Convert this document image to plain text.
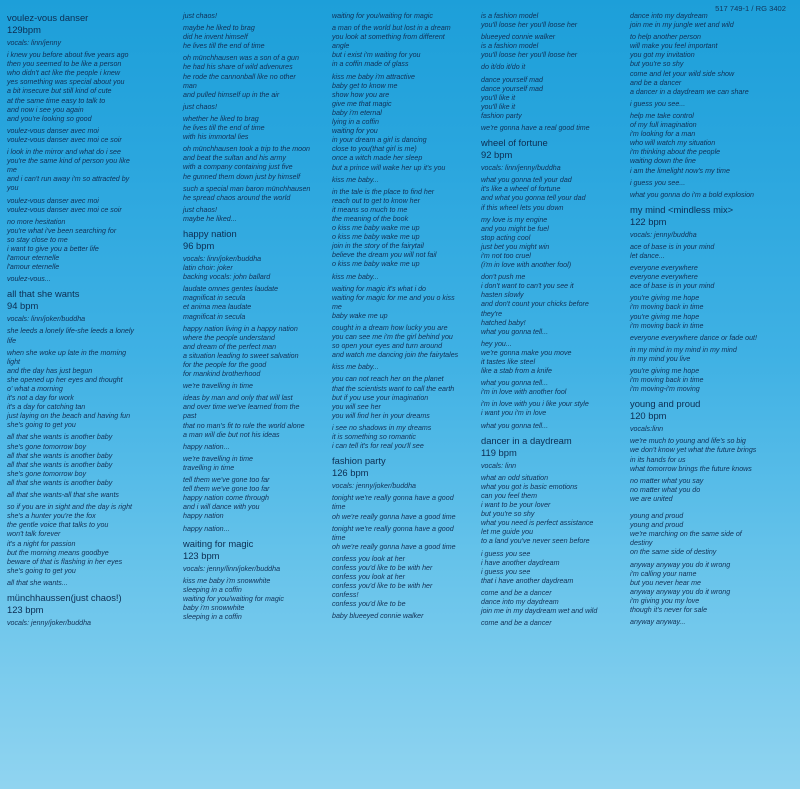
517 749-1 / RG 3402
voulez-vous danser
129bpm
vocals: linn/jenny
i knew you before about five years ago
then you seemed to be like a person
who didn't act like the people i knew
yes something was special about you
a bit insecure but still kind of cute
at the same time easy to talk to
and now i see you again
and you're looking so good
voulez-vous danser avec moi
voulez-vous danser avec moi ce soir
i look in the mirror and what do i see
you're the same kind of person you like
me
and i can't run away i'm so attracted by
you
voulez-vous danser avec moi
voulez-vous danser avec moi ce soir
no more hesitation
you're what i've been searching for
so stay close to me
i want to give you a better life
l'amour eternelle
l'amour eternelle
voulez-vous...
all that she wants
94 bpm
vocals: linn/joker/buddha
she leeds a lonely life-she leeds a lonely
life
when she woke up late in the morning
light
and the day has just begun
she opened up her eyes and thought
o' what a morning
it's not a day for work
it's a day for catching tan
just laying on the beach and having fun
she's going to get you
all that she wants is another baby
she's gone tomorrow boy
all that she wants is another baby
all that she wants is another baby
she's gone tomorrow boy
all that she wants is another baby
all that she wants-all that she wants
so if you are in sight and the day is right
she's a hunter you're the fox
the gentle voice that talks to you
won't talk forever
it's a night for passion
but the morning means goodbye
beware of that is flashing in her eyes
she's going to get you
all that she wants...
münchhaussen(just chaos!)
123 bpm
vocals: jenny/joker/buddha
just chaos!
maybe he liked to brag
did he invent himself
he lives till the end of time
oh münchhausen was a son of a gun
he had his share of wild advenures
he rode the cannonball like no other
man
and pulled himself up in the air
just chaos!
whether he liked to brag
he lives till the end of time
with his immortal lies
oh münchhausen took a trip to the moon
and beat the sultan and his army
with a company containing just five
he gunned them down just by himself
such a special man baron münchhausen
he spread chaos around the world
just chaos!
maybe he liked...
happy nation
96 bpm
vocals: linn/joker/buddha
latin choir: joker
backing vocals: john ballard
laudate omnes gentes laudate
magnificat in secula
et anima mea laudate
magnificat in secula
happy nation living in a happy nation
where the people understand
and dream of the perfect man
a situation leading to sweet salvation
for the people for the good
for mankind brotherhood
we're travelling in time
ideas by man and only that will last
and over time we've learned from the
past
that no man's fit to rule the world alone
a man will die but not his ideas
happy nation...
we're travelling in time
travelling in time
tell them we've gone too far
tell them we've gone too far
happy nation come through
and i will dance with you
happy nation
happy nation...
waiting for magic
123 bpm
vocals: jenny/linn/joker/buddha
kiss me baby i'm snowwhite
sleeping in a coffin
waiting for you/waiting for magic
baby i'm snowwhite
sleeping in a coffin
waiting for you/waiting for magic
a man of the world but lost in a dream
you look at something from different
angle
but i exist i'm waiting for you
in a coffin made of glass
kiss me baby i'm attractive
baby get to know me
show how you are
give me that magic
baby i'm eternal
lying in a coffin
waiting for you
in your dream a girl is dancing
close to you(that girl is me)
once a witch made her sleep
but a prince will wake her up it's you
kiss me baby...
in the tale is the place to find her
reach out to get to know her
it means so much to me
the meaning of the book
o kiss me baby wake me up
o kiss me baby wake me up
join in the story of the fairytail
believe the dream you will not fail
o kiss me baby wake me up
kiss me baby...
waiting for magic it's what i do
waiting for magic for me and you o kiss
me
baby wake me up
cought in a dream how lucky you are
you can see me i'm the girl behind you
so open your eyes and turn around
and watch me dancing join the fairytales
kiss me baby...
you can not reach her on the planet
that the scientists want to call the earth
but if you use your imagination
you will see her
you will find her in your dreams
i see no shadows in my dreams
it is something so romantic
i can tell it's for real you'll see
fashion party
126 bpm
vocals: jenny/joker/buddha
tonight we're really gonna have a good
time
oh we're really gonna have a good time
tonight we're really gonna have a good
time
oh we're really gonna have a good time
confess you look at her
confess you'd like to be with her
confess you look at her
confess you'd like to be with her
confess!
confess you'd like to be
baby blueeyed connie walker
is a fashion model
you'll loose her you'll loose her
blueeyed connie walker
is a fashion model
you'll loose her you'll loose her
do it/do it/do it
dance yourself mad
dance yourself mad
you'll like it
you'll like it
fashion party
we're gonna have a real good time
wheel of fortune
92 bpm
vocals: linn/jenny/buddha
what you gonna tell your dad
it's like a wheel of fortune
and what you gonna tell your dad
if this wheel lets you down
my love is my engine
and you might be fuel
stop acting cool
just bet you might win
i'm not too cruel
(i'm in love with another fool)
don't push me
i don't want to can't you see it
hasten slowly
and don't count your chicks before
they're
hatched baby!
what you gonna tell...
hey you...
we're gonna make you move
it tastes like steel
like a stab from a knife
what you gonna tell...
i'm in love with another fool
i'm in love with you i like your style
i want you i'm in love
what you gonna tell...
dancer in a daydream
119 bpm
vocals: linn
what an odd situation
what you got is basic emotions
can you feel them
i want to be your lover
but you're so shy
what you need is perfect assistance
let me guide you
to a land you've never seen before
i guess you see
i have another daydream
i guess you see
that i have another daydream
come and be a dancer
dance into my daydream
join me in my daydream wet and wild
come and be a dancer
dance into my daydream
join me in my jungle wet and wild
to help another person
will make you feel important
you got my invitation
but you're so shy
come and let your wild side show
and be a dancer
a dancer in a daydream we can share
i guess you see...
help me take control
of my full imagination
i'm looking for a man
who will watch my situation
i'm thinking about the people
waiting down the line
i am the limelight now's my time
i guess you see...
what you gonna do i'm a bold explosion
my mind <mindless mix>
122 bpm
vocals: jenny/buddha
ace of base is in your mind
let dance...
everyone everywhere
everyone everywhere
ace of base is in your mind
you're giving me hope
i'm moving back in time
you're giving me hope
i'm moving back in time
everyone everywhere dance or fade out!
in my mind in my mind in my mind
in my mind you live
you're giving me hope
i'm moving back in time
i'm moving-i'm moving
young and proud
120 bpm
vocals:linn
we're much to young and life's so big
we don't know yet what the future brings
in its hands for us
what tomorrow brings the future knows
no matter what you say
no matter what you do
we are united
young and proud
young and proud
we're marching on the same side of
destiny
on the same side of destiny
anyway anyway you do it wrong
i'm calling your name
but you never hear me
anyway anyway you do it wrong
i'm giving you my love
though it's never for sale
anyway anyway...
